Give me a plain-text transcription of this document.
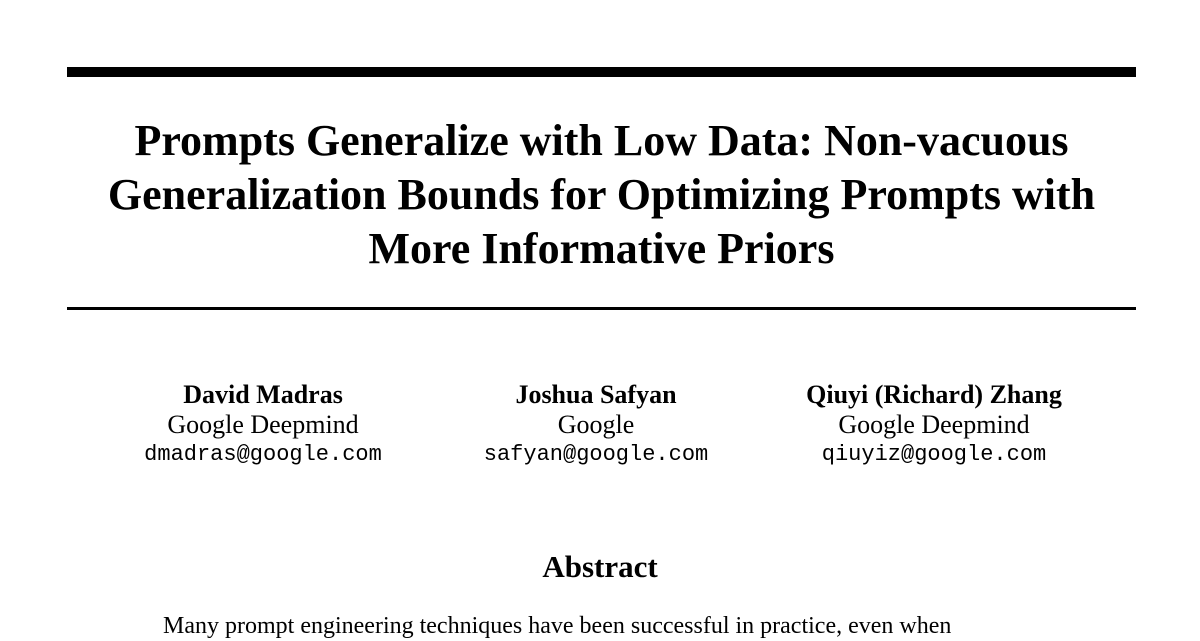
Prompts Generalize with Low Data: Non-vacuous
Generalization Bounds for Optimizing Prompts with
More Informative Priors
David Madras
Google Deepmind
dmadras@google.com
Joshua Safyan
Google
safyan@google.com
Qiuyi (Richard) Zhang
Google Deepmind
qiuyiz@google.com
Abstract
Many prompt engineering techniques have been successful in practice, even when
